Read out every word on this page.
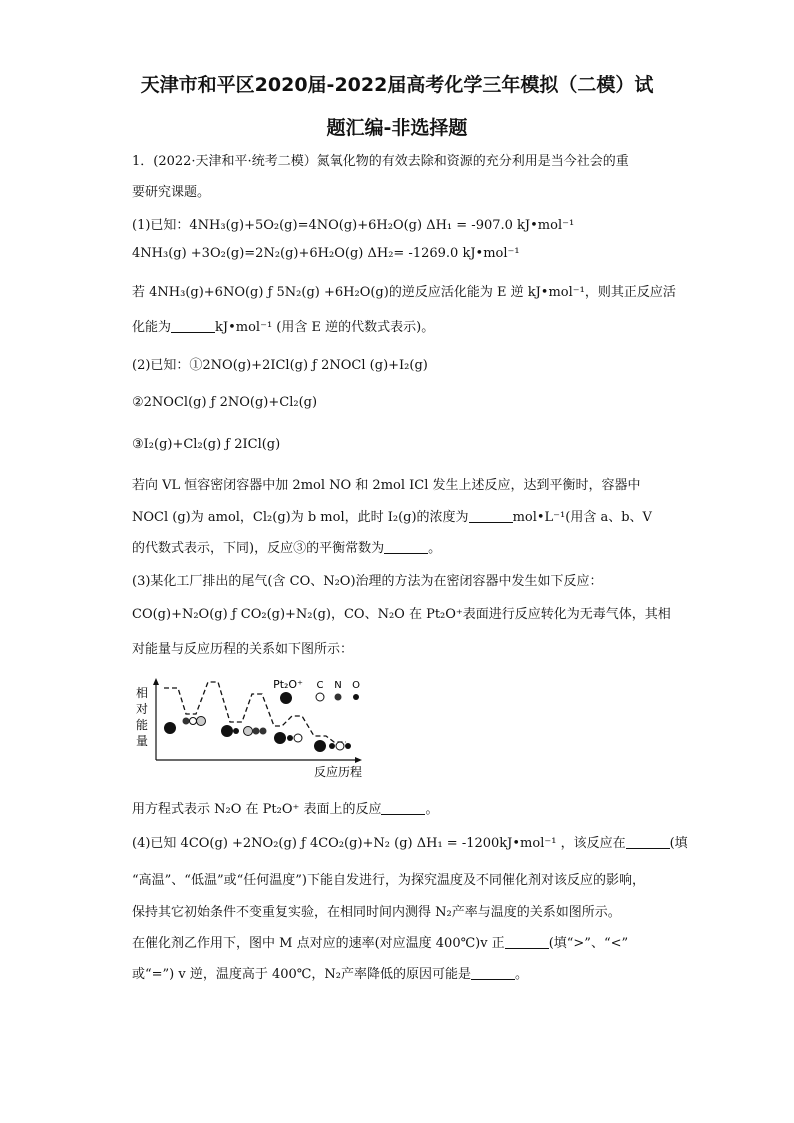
天津市和平区2020届-2022届高考化学三年模拟（二模）试
题汇编-非选择题
1．(2022·天津和平·统考二模）氮氧化物的有效去除和资源的充分利用是当今社会的重
要研究课题。
(1)已知：4NH₃(g)+5O₂(g)=4NO(g)+6H₂O(g) ΔH₁ = -907.0 kJ•mol⁻¹
4NH₃(g) +3O₂(g)=2N₂(g)+6H₂O(g) ΔH₂= -1269.0 kJ•mol⁻¹
若 4NH₃(g)+6NO(g) ƒ 5N₂(g) +6H₂O(g)的逆反应活化能为 E 逆 kJ•mol⁻¹，则其正反应活
化能为	kJ•mol⁻¹ (用含 E 逆的代数式表示)。
(2)已知：①2NO(g)+2ICl(g) ƒ 2NOCl (g)+I₂(g)
②2NOCl(g) ƒ 2NO(g)+Cl₂(g)
③I₂(g)+Cl₂(g) ƒ 2ICl(g)
若向 VL 恒容密闭容器中加 2mol NO 和 2mol ICl 发生上述反应，达到平衡时，容器中
NOCl (g)为 amol，Cl₂(g)为 b mol，此时 I₂(g)的浓度为	mol•L⁻¹(用含 a、b、V
的代数式表示，下同)，反应③的平衡常数为	。
(3)某化工厂排出的尾气(含 CO、N₂O)治理的方法为在密闭容器中发生如下反应：
CO(g)+N₂O(g) ƒ CO₂(g)+N₂(g)，CO、N₂O 在 Pt₂O⁺表面进行反应转化为无毒气体，其相
对能量与反应历程的关系如下图所示：
相
对
能
量
反应历程
Pt₂O⁺ C N O
用方程式表示 N₂O 在 Pt₂O⁺ 表面上的反应	。
(4)已知 4CO(g) +2NO₂(g) ƒ 4CO₂(g)+N₂ (g) ΔH₁ = -1200kJ•mol⁻¹ ，该反应在	(填
“高温”、“低温”或“任何温度”)下能自发进行，为探究温度及不同催化剂对该反应的影响，
保持其它初始条件不变重复实验，在相同时间内测得 N₂产率与温度的关系如图所示。
在催化剂乙作用下，图中 M 点对应的速率(对应温度 400℃)v 正	(填“>”、“<”
或“=”) v 逆，温度高于 400℃，N₂产率降低的原因可能是	。
